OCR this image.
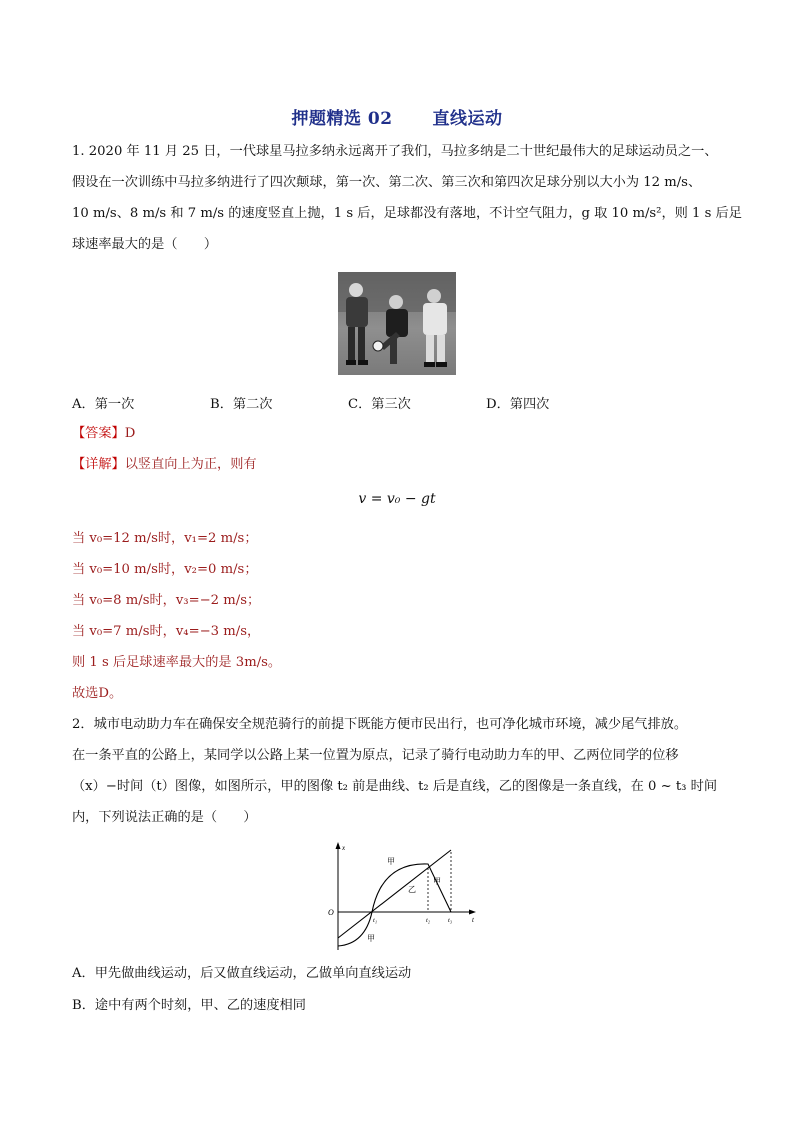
押题精选 02 直线运动
1. 2020 年 11 月 25 日，一代球星马拉多纳永远离开了我们，马拉多纳是二十世纪最伟大的足球运动员之一、
假设在一次训练中马拉多纳进行了四次颠球，第一次、第二次、第三次和第四次足球分别以大小为 12 m/s、
10 m/s、8 m/s 和 7 m/s 的速度竖直上抛，1 s 后，足球都没有落地，不计空气阻力，g 取 10 m/s²，则 1 s 后足
球速率最大的是（　　）
A．第一次	B．第二次	C．第三次	D．第四次
【答案】D
【详解】以竖直向上为正，则有
v = v₀ − gt
当 v₀=12 m/s时，v₁=2 m/s；
当 v₀=10 m/s时，v₂=0 m/s；
当 v₀=8 m/s时，v₃=−2 m/s；
当 v₀=7 m/s时，v₄=−3 m/s，
则 1 s 后足球速率最大的是 3m/s。
故选D。
2．城市电动助力车在确保安全规范骑行的前提下既能方便市民出行，也可净化城市环境，减少尾气排放。
在一条平直的公路上，某同学以公路上某一位置为原点，记录了骑行电动助力车的甲、乙两位同学的位移
（x）−时间（t）图像，如图所示，甲的图像 t₂ 前是曲线、t₂ 后是直线，乙的图像是一条直线，在 0 ~ t₃ 时间
内，下列说法正确的是（　　）
x
t
O
甲
甲
甲
乙
t₁	t₂	t₃
A．甲先做曲线运动，后又做直线运动，乙做单向直线运动
B．途中有两个时刻，甲、乙的速度相同
